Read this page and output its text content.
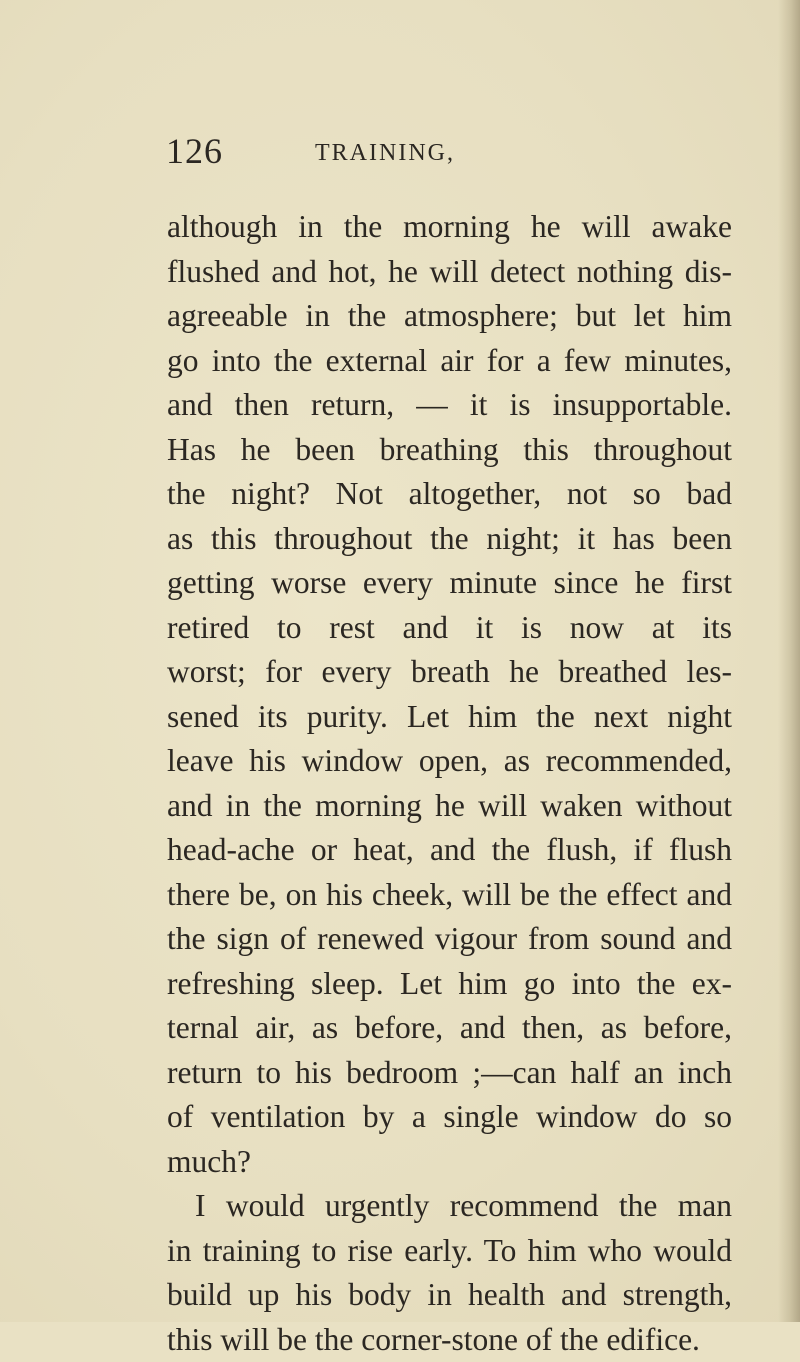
126	TRAINING,
although in the morning he will awake
flushed and hot, he will detect nothing dis-
agreeable in the atmosphere; but let him
go into the external air for a few minutes,
and then return, — it is insupportable.
Has he been breathing this throughout
the night? Not altogether, not so bad
as this throughout the night; it has been
getting worse every minute since he first
retired to rest and it is now at its
worst; for every breath he breathed les-
sened its purity. Let him the next night
leave his window open, as recommended,
and in the morning he will waken without
head-ache or heat, and the flush, if flush
there be, on his cheek, will be the effect and
the sign of renewed vigour from sound and
refreshing sleep. Let him go into the ex-
ternal air, as before, and then, as before,
return to his bedroom ;—can half an inch
of ventilation by a single window do so
much?
I would urgently recommend the man
in training to rise early. To him who would
build up his body in health and strength,
this will be the corner-stone of the edifice.
